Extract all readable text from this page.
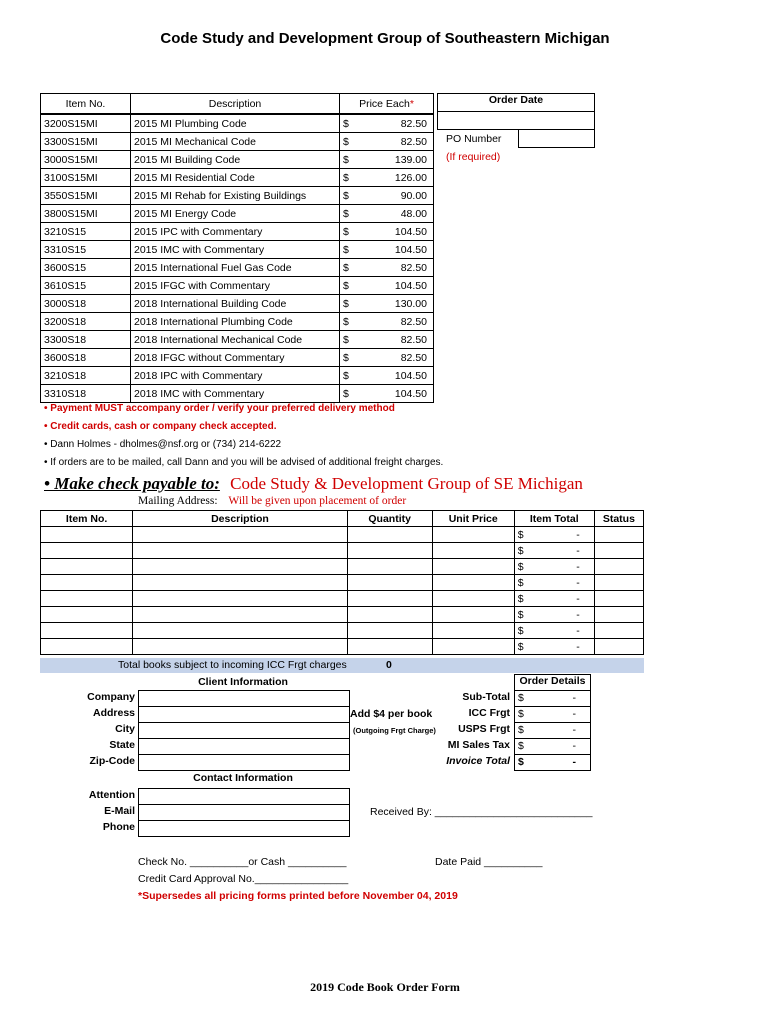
Code Study and Development Group of Southeastern Michigan
Item No.	Description	Price Each*	
3200S15MI	2015 MI Plumbing Code	$	82.50
3300S15MI	2015 MI Mechanical Code	$	82.50
3000S15MI	2015 MI Building Code	$	139.00
3100S15MI	2015 MI Residential Code	$	126.00
3550S15MI	2015 MI Rehab for Existing Buildings	$	90.00
3800S15MI	2015 MI Energy Code	$	48.00
3210S15	2015 IPC with Commentary	$	104.50
3310S15	2015 IMC with Commentary	$	104.50
3600S15	2015 International Fuel Gas Code	$	82.50
3610S15	2015 IFGC with Commentary	$	104.50
3000S18	2018 International Building Code	$	130.00
3200S18	2018 International Plumbing Code	$	82.50
3300S18	2018 International Mechanical Code	$	82.50
3600S18	2018 IFGC without Commentary	$	82.50
3210S18	2018 IPC with Commentary	$	104.50
3310S18	2018 IMC with Commentary	$	104.50
Order Date
PO Number
(If required)
• Payment MUST accompany order / verify your preferred delivery method
• Credit cards, cash or company check accepted.
• Dann Holmes - dholmes@nsf.org or (734) 214-6222
• If orders are to be mailed, call Dann and you will be advised of additional freight charges.
• Make check payable to: Code Study & Development Group of SE Michigan
Mailing Address: Will be given upon placement of order
Item No.	Description	Quantity	Unit Price	Item Total	Status
				$ -	

				$ -	

				$ -	

				$ -	

				$ -	

				$ -	

				$ -	

				$ -	

Total books subject to incoming ICC Frgt charges	0
Client Information
Company
Address
City
State
Zip-Code
Add $4 per book
(Outgoing Frgt Charge)
Order Details
Sub-Total $	-
ICC Frgt $	-
USPS Frgt $	-
MI Sales Tax $	-
Invoice Total $	-
Contact Information
Attention
E-Mail
Phone
Received By: ___________________________
Check No. __________or Cash __________	Date Paid __________
Credit Card Approval No.________________
*Supersedes all pricing forms printed before November 04, 2019
2019 Code Book Order Form
